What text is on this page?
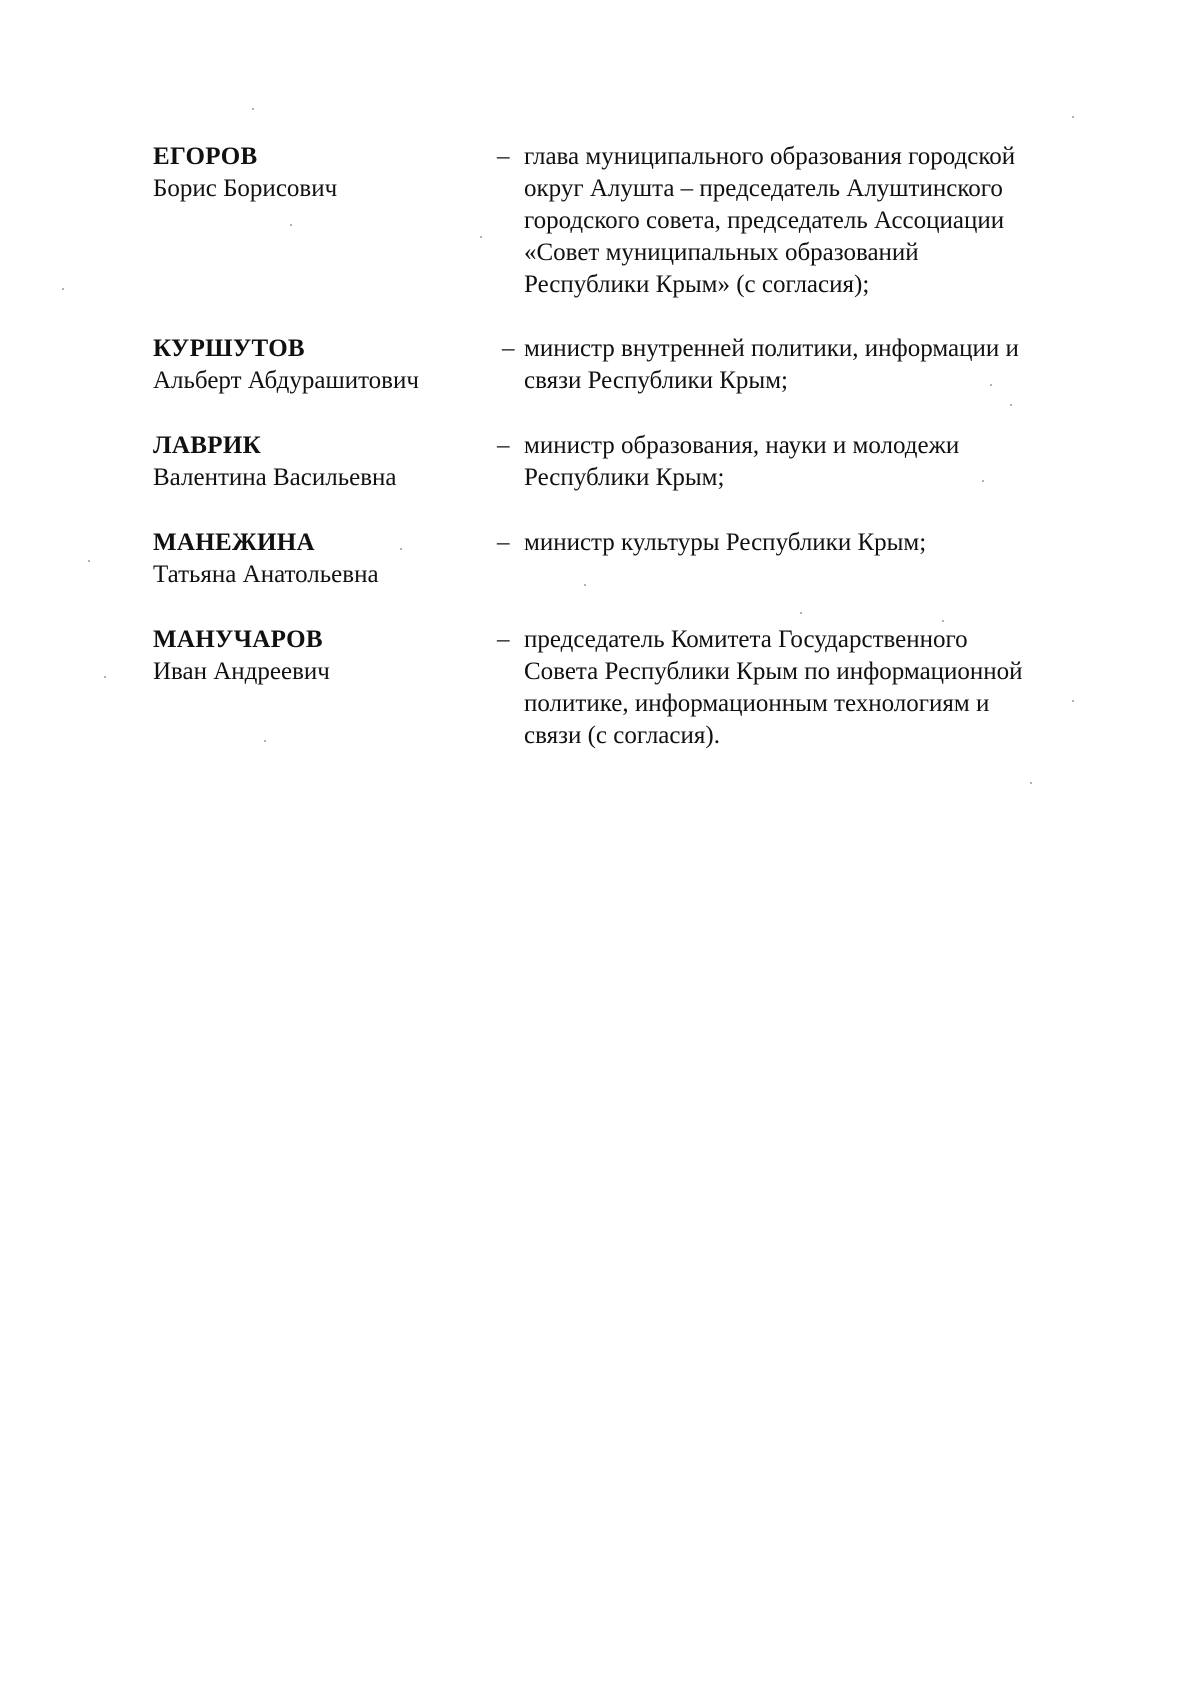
ЕГОРОВ
Борис Борисович
– глава муниципального образования городской
округ Алушта – председатель Алуштинского
городского совета, председатель Ассоциации
«Совет муниципальных образований
Республики Крым» (с согласия);
КУРШУТОВ
Альберт Абдурашитович
– министр внутренней политики, информации и
связи Республики Крым;
ЛАВРИК
Валентина Васильевна
– министр образования, науки и молодежи
Республики Крым;
МАНЕЖИНА
Татьяна Анатольевна
– министр культуры Республики Крым;
МАНУЧАРОВ
Иван Андреевич
– председатель Комитета Государственного
Совета Республики Крым по информационной
политике, информационным технологиям и
связи (с согласия).
